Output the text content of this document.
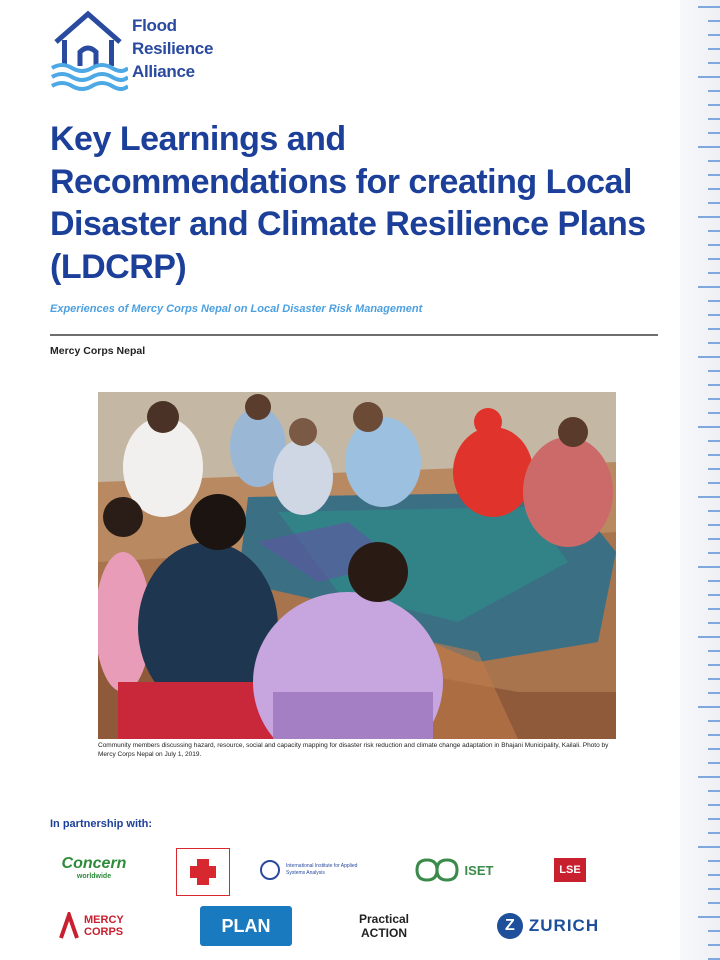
Flood
Resilience
Alliance
Key Learnings and Recommendations for creating Local Disaster and Climate Resilience Plans (LDCRP)
Experiences of Mercy Corps Nepal on Local Disaster Risk Management
Mercy Corps Nepal
Community members discussing hazard, resource, social and capacity mapping for disaster risk reduction and climate change adaptation in Bhajani Municipality, Kailali. Photo by Mercy Corps Nepal on July 1, 2019.
In partnership with:
Concern
worldwide
International Institute for Applied Systems Analysis	ISET	LSE
MERCY CORPS	PLAN	Practical ACTION	Z ZURICH
